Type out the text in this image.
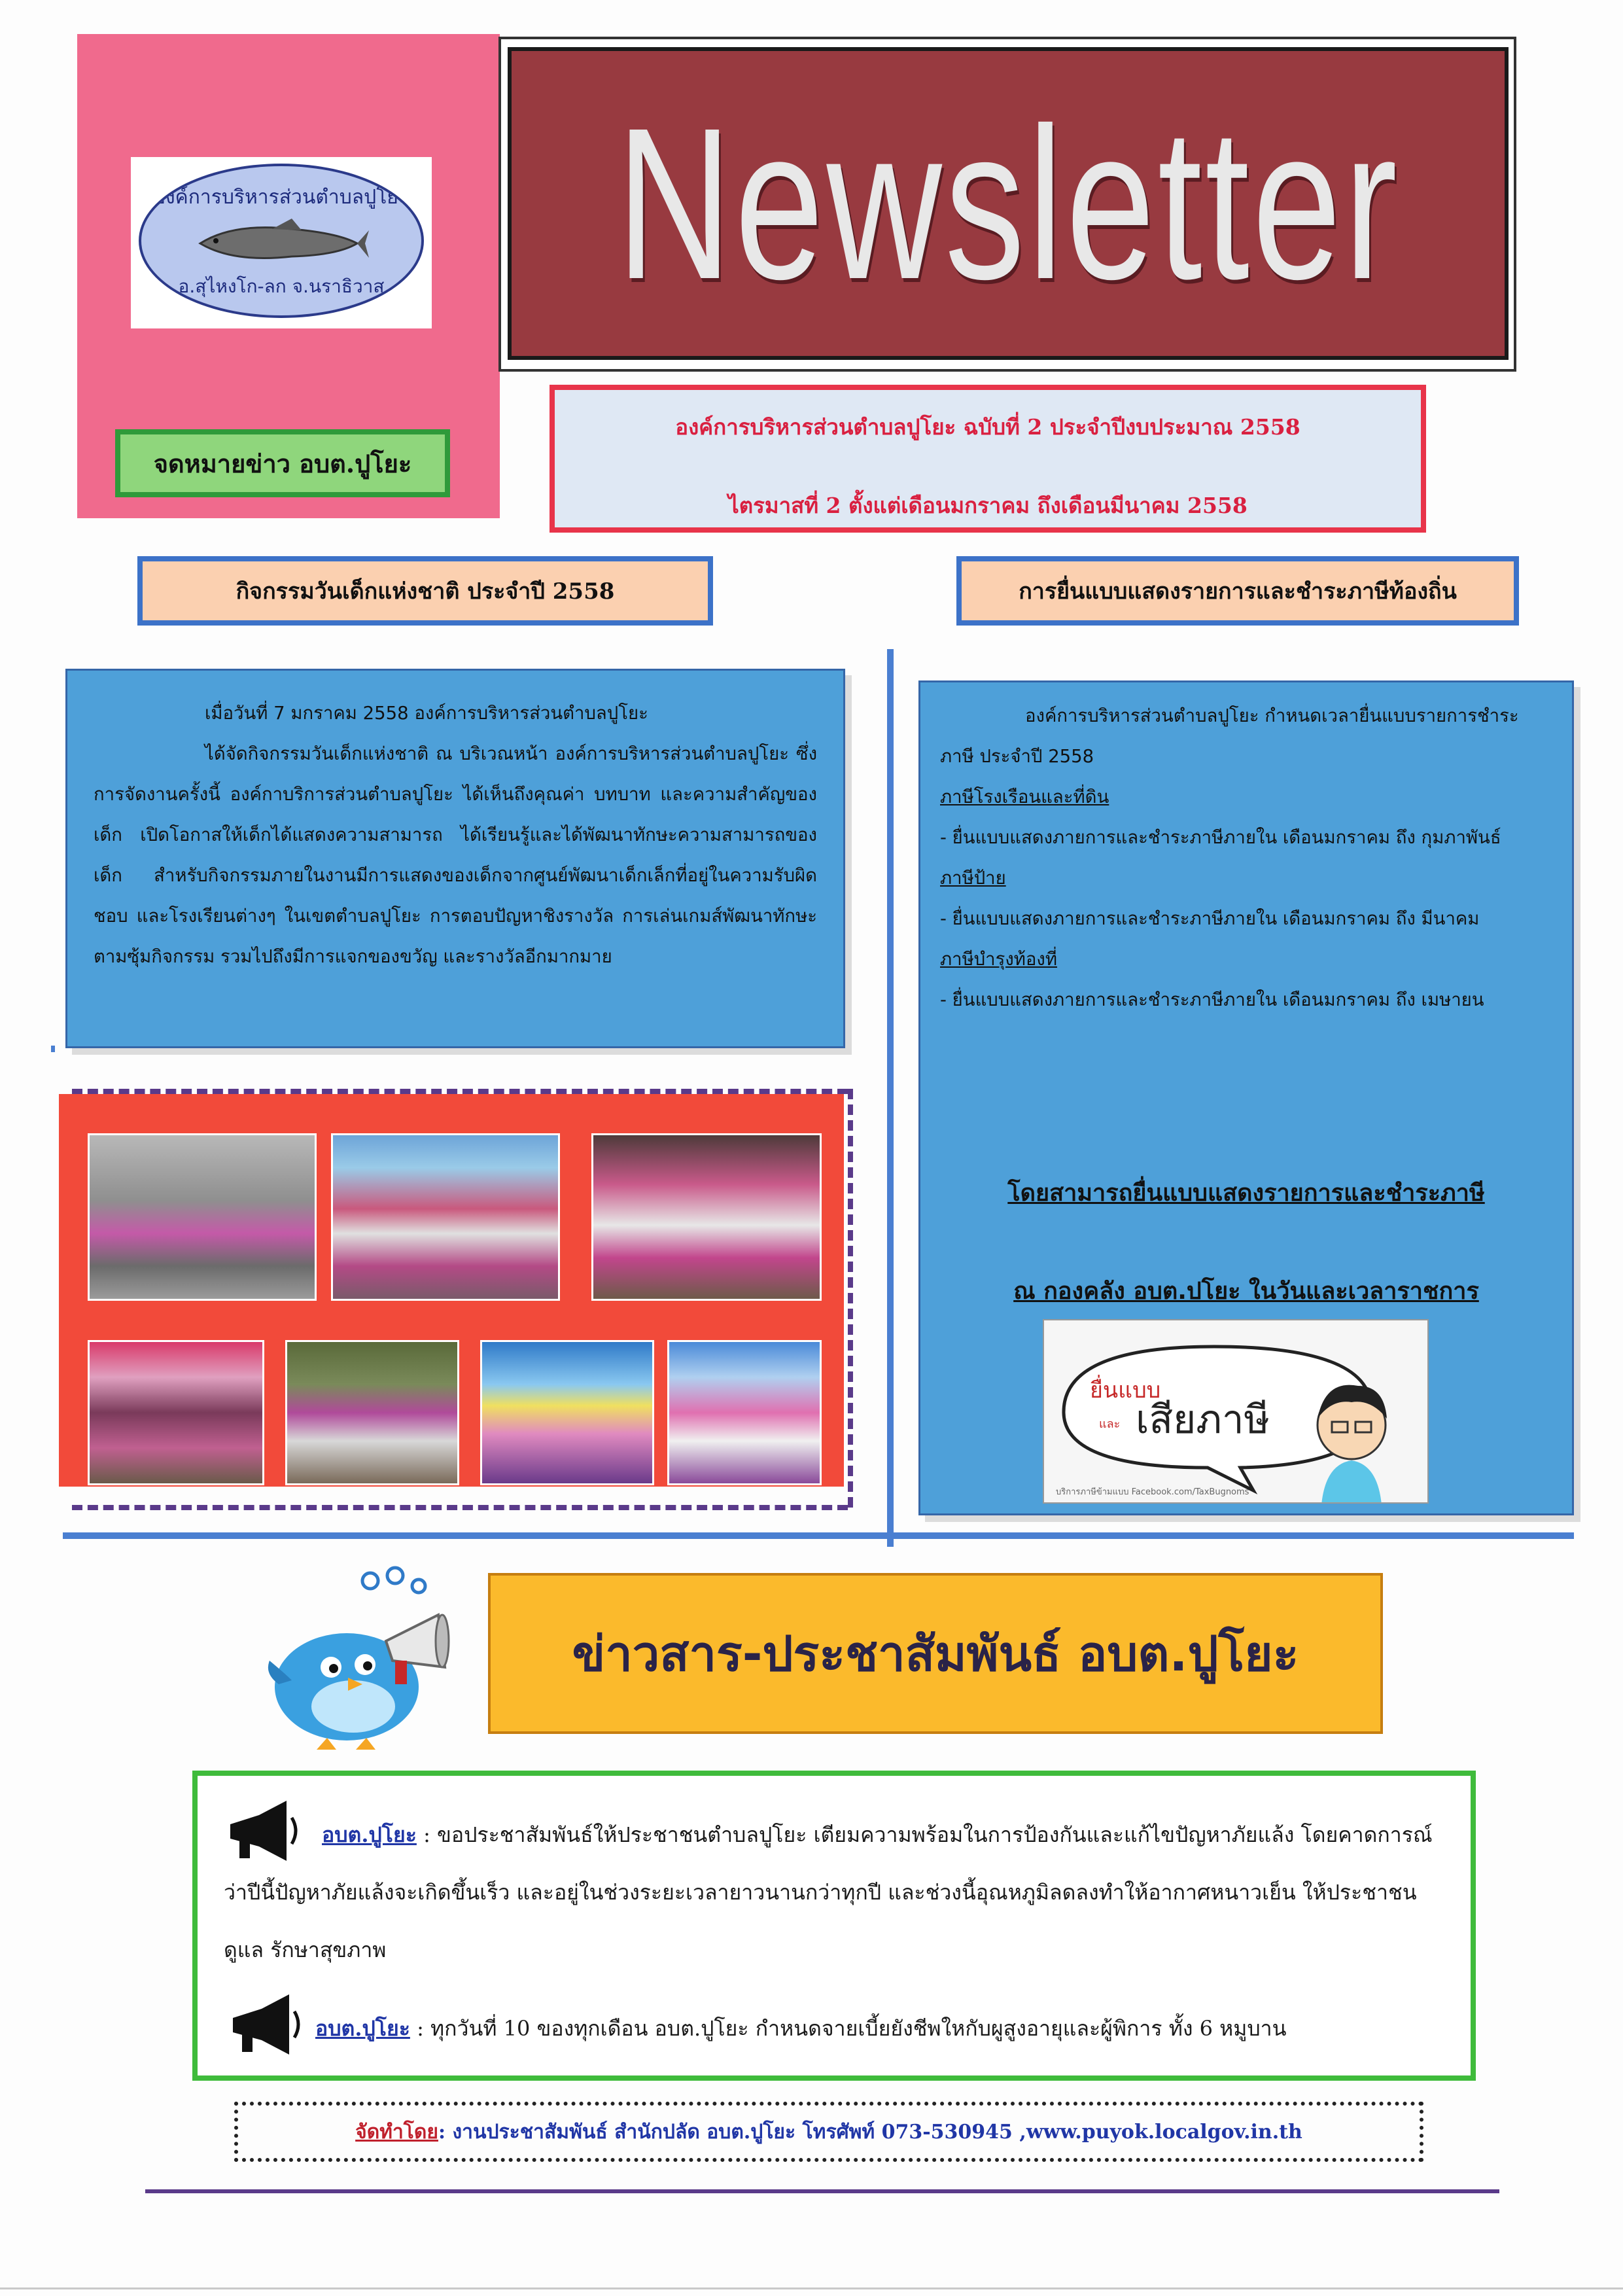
องค์การบริหารส่วนตำบลปูโยะ
อ.สุไหงโก-ลก จ.นราธิวาส
จดหมายข่าว อบต.ปูโยะ
Newsletter
องค์การบริหารส่วนตำบลปูโยะ ฉบับที่ 2 ประจำปีงบประมาณ 2558
ไตรมาสที่ 2 ตั้งแต่เดือนมกราคม ถึงเดือนมีนาคม 2558
กิจกรรมวันเด็กแห่งชาติ ประจำปี 2558	การยื่นแบบแสดงรายการและชำระภาษีท้องถิ่น

เมื่อวันที่ 7 มกราคม 2558 องค์การบริหารส่วนตำบลปูโยะ

ได้จัดกิจกรรมวันเด็กแห่งชาติ ณ บริเวณหน้า องค์การบริหารส่วนตำบลปูโยะ ซึ่งการจัดงานครั้งนี้ องค์กาบริการส่วนตำบลปูโยะ ได้เห็นถึงคุณค่า บทบาท และความสำคัญของเด็ก เปิดโอกาสให้เด็กได้แสดงความสามารถ ได้เรียนรู้และได้พัฒนาทักษะความสามารถของเด็ก สำหรับกิจกรรมภายในงานมีการแสดงของเด็กจากศูนย์พัฒนาเด็กเล็กที่อยู่ในความรับผิดชอบ และโรงเรียนต่างๆ ในเขตตำบลปูโยะ การตอบปัญหาชิงรางวัล การเล่นเกมส์พัฒนาทักษะตามซุ้มกิจกรรม รวมไปถึงมีการแจกของขวัญ และรางวัลอีกมากมาย

องค์การบริหารส่วนตำบลปูโยะ กำหนดเวลายื่นแบบรายการชำระภาษี ประจำปี 2558

ภาษีโรงเรือนและที่ดิน

- ยื่นแบบแสดงภายการและชำระภาษีภายใน เดือนมกราคม ถึง กุมภาพันธ์

ภาษีป้าย

- ยื่นแบบแสดงภายการและชำระภาษีภายใน เดือนมกราคม ถึง มีนาคม

ภาษีบำรุงท้องที่

- ยื่นแบบแสดงภายการและชำระภาษีภายใน เดือนมกราคม ถึง เมษายน

โดยสามารถยื่นแบบแสดงรายการและชำระภาษี
ณ กองคลัง อบต.ปโยะ ในวันและเวลาราชการ
ยื่นแบบ
และ เสียภาษี
บริการภาษีข้ามแบบ Facebook.com/TaxBugnoms
ข่าวสาร-ประชาสัมพันธ์ อบต.ปูโยะ
อบต.ปูโยะ : ขอประชาสัมพันธ์ให้ประชาชนตำบลปูโยะ เตียมความพร้อมในการป้องกันและแก้ไขปัญหาภัยแล้ง โดยคาดการณ์ว่าปีนี้ปัญหาภัยแล้งจะเกิดขึ้นเร็ว และอยู่ในช่วงระยะเวลายาวนานกว่าทุกปี และช่วงนี้อุณหภูมิลดลงทำให้อากาศหนาวเย็น ให้ประชาชนดูแล รักษาสุขภาพ
อบต.ปูโยะ : ทุกวันที่ 10 ของทุกเดือน อบต.ปูโยะ กำหนดจายเบี้ยยังชีพใหกับผูสูงอายุและผู้พิการ ทั้ง 6 หมูบาน
จัดทำโดย : งานประชาสัมพันธ์ สำนักปลัด อบต.ปูโยะ โทรศัพท์ 073-530945 ,www.puyok.localgov.in.th
